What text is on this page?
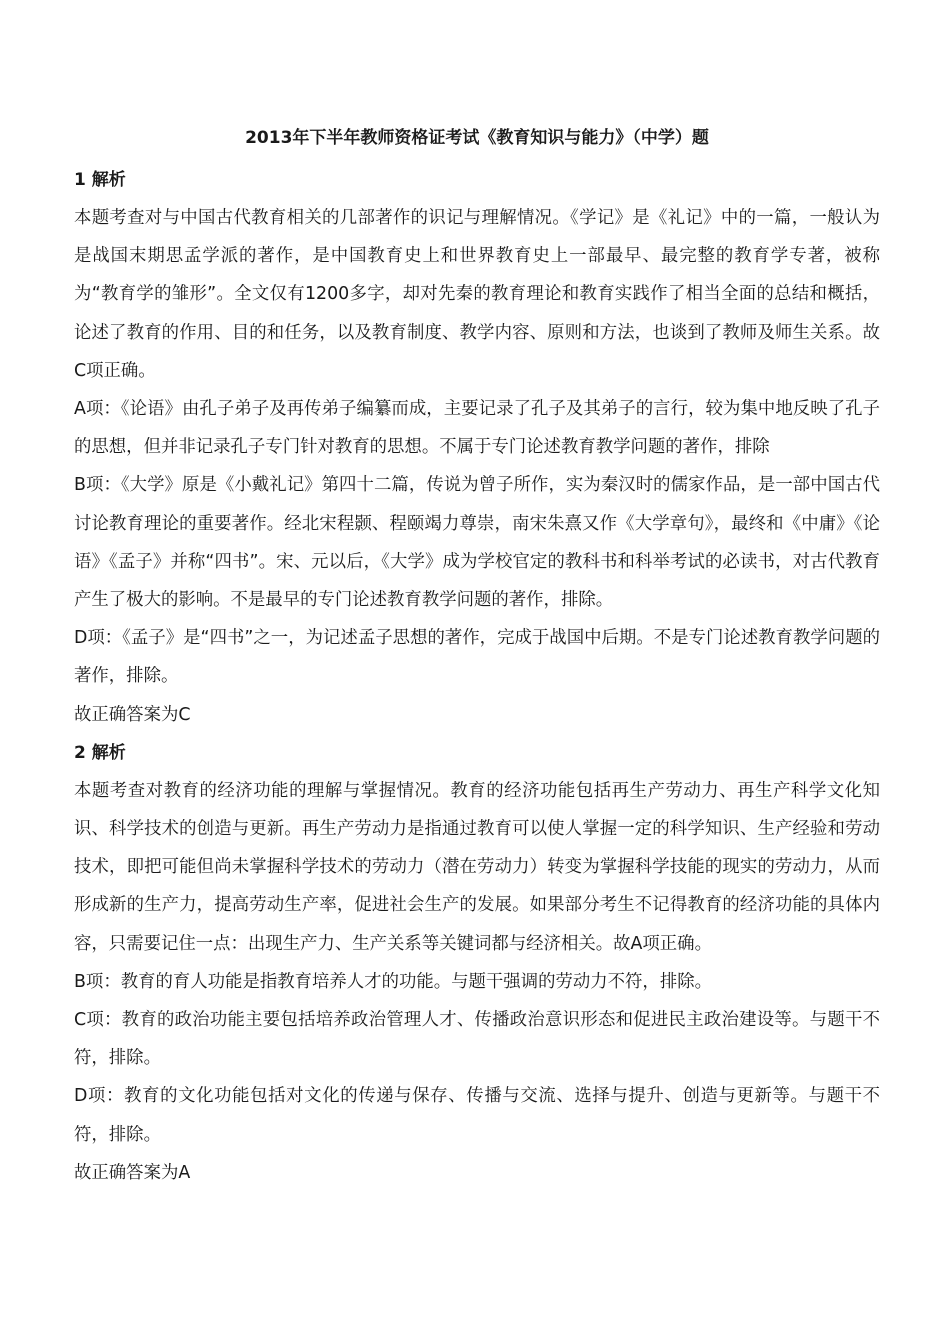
2013年下半年教师资格证考试《教育知识与能力》（中学）题
1 解析

本题考查对与中国古代教育相关的几部著作的识记与理解情况。《学记》是《礼记》中的一篇，一般认为是战国末期思孟学派的著作，是中国教育史上和世界教育史上一部最早、最完整的教育学专著，被称为“教育学的雏形”。全文仅有1200多字，却对先秦的教育理论和教育实践作了相当全面的总结和概括，论述了教育的作用、目的和任务，以及教育制度、教学内容、原则和方法，也谈到了教师及师生关系。故C项正确。

A项：《论语》由孔子弟子及再传弟子编纂而成，主要记录了孔子及其弟子的言行，较为集中地反映了孔子的思想，但并非记录孔子专门针对教育的思想。不属于专门论述教育教学问题的著作，排除

B项：《大学》原是《小戴礼记》第四十二篇，传说为曾子所作，实为秦汉时的儒家作品，是一部中国古代讨论教育理论的重要著作。经北宋程颢、程颐竭力尊崇，南宋朱熹又作《大学章句》，最终和《中庸》《论语》《孟子》并称“四书”。宋、元以后，《大学》成为学校官定的教科书和科举考试的必读书，对古代教育产生了极大的影响。不是最早的专门论述教育教学问题的著作，排除。

D项：《孟子》是“四书”之一，为记述孟子思想的著作，完成于战国中后期。不是专门论述教育教学问题的著作，排除。

故正确答案为C

2 解析

本题考查对教育的经济功能的理解与掌握情况。教育的经济功能包括再生产劳动力、再生产科学文化知识、科学技术的创造与更新。再生产劳动力是指通过教育可以使人掌握一定的科学知识、生产经验和劳动技术，即把可能但尚未掌握科学技术的劳动力（潜在劳动力）转变为掌握科学技能的现实的劳动力，从而形成新的生产力，提高劳动生产率，促进社会生产的发展。如果部分考生不记得教育的经济功能的具体内容，只需要记住一点：出现生产力、生产关系等关键词都与经济相关。故A项正确。

B项：教育的育人功能是指教育培养人才的功能。与题干强调的劳动力不符，排除。

C项：教育的政治功能主要包括培养政治管理人才、传播政治意识形态和促进民主政治建设等。与题干不符，排除。

D项：教育的文化功能包括对文化的传递与保存、传播与交流、选择与提升、创造与更新等。与题干不符，排除。

故正确答案为A
